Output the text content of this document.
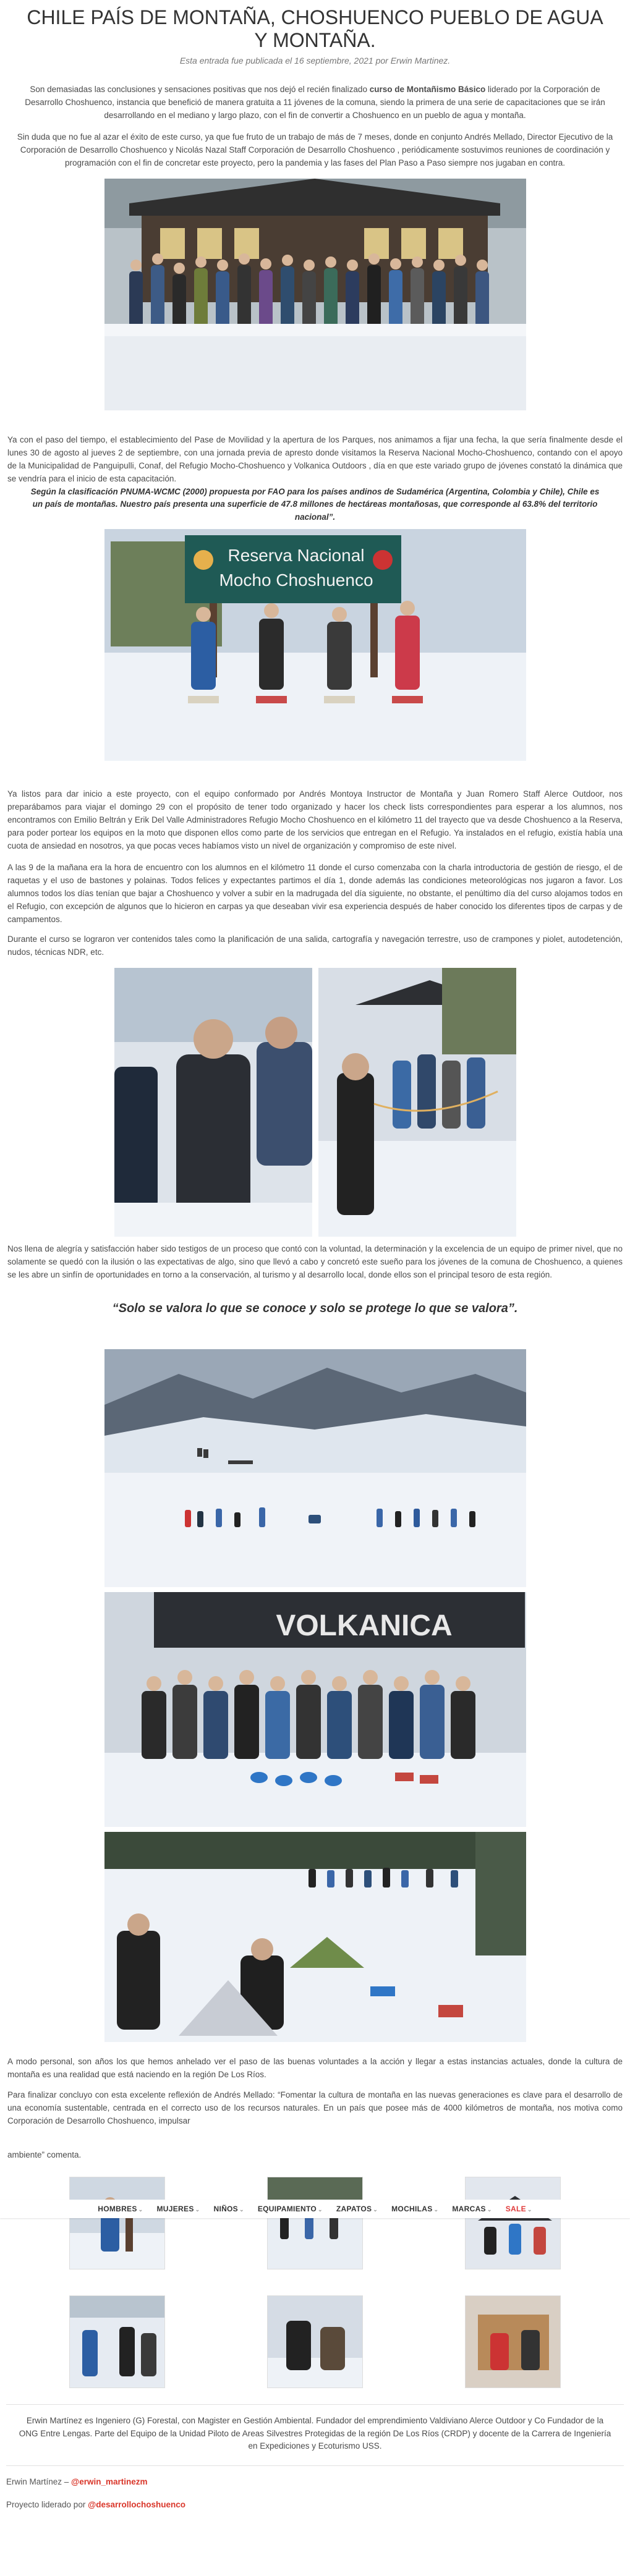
CHILE PAÍS DE MONTAÑA, CHOSHUENCO PUEBLO DE AGUA Y MONTAÑA.
Esta entrada fue publicada el 16 septiembre, 2021 por Erwin Martinez.

Son demasiadas las conclusiones y sensaciones positivas que nos dejó el recién finalizado curso de Montañismo Básico liderado por la Corporación de Desarrollo Choshuenco, instancia que benefició de manera gratuita a 11 jóvenes de la comuna, siendo la primera de una serie de capacitaciones que se irán desarrollando en el mediano y largo plazo, con el fin de convertir a Choshuenco en un pueblo de agua y montaña.

Sin duda que no fue al azar el éxito de este curso, ya que fue fruto de un trabajo de más de 7 meses, donde en conjunto Andrés Mellado, Director Ejecutivo de la Corporación de Desarrollo Choshuenco y Nicolás Nazal Staff Corporación de Desarrollo Choshuenco , periódicamente sostuvimos reuniones de coordinación y programación con el fin de concretar este proyecto, pero la pandemia y las fases del Plan Paso a Paso siempre nos jugaban en contra.

Ya con el paso del tiempo, el establecimiento del Pase de Movilidad y la apertura de los Parques, nos animamos a fijar una fecha, la que sería finalmente desde el lunes 30 de agosto al jueves 2 de septiembre, con una jornada previa de apresto donde visitamos la Reserva Nacional Mocho-Choshuenco, contando con el apoyo de la Municipalidad de Panguipulli, Conaf, del Refugio Mocho-Choshuenco y Volkanica Outdoors , día en que este variado grupo de jóvenes constató la dinámica que se vendría para el inicio de esta capacitación.

Según la clasificación PNUMA-WCMC (2000) propuesta por FAO para los países andinos de Sudamérica (Argentina, Colombia y Chile), Chile es un país de montañas. Nuestro país presenta una superficie de 47.8 millones de hectáreas montañosas, que corresponde al 63.8% del territorio nacional”.

Reserva Nacional
Mocho Choshuenco

Ya listos para dar inicio a este proyecto, con el equipo conformado por Andrés Montoya Instructor de Montaña y Juan Romero Staff Alerce Outdoor, nos preparábamos para viajar el domingo 29 con el propósito de tener todo organizado y hacer los check lists correspondientes para esperar a los alumnos, nos encontramos con Emilio Beltrán y Erik Del Valle Administradores Refugio Mocho Choshuenco en el kilómetro 11 del trayecto que va desde Choshuenco a la Reserva, para poder portear los equipos en la moto que disponen ellos como parte de los servicios que entregan en el Refugio. Ya instalados en el refugio, existía había una cuota de ansiedad en nosotros, ya que pocas veces habíamos visto un nivel de organización y compromiso de este nivel.

A las 9 de la mañana era la hora de encuentro con los alumnos en el kilómetro 11 donde el curso comenzaba con la charla introductoria de gestión de riesgo, el de raquetas y el uso de bastones y polainas. Todos felices y expectantes partimos el día 1, donde además las condiciones meteorológicas nos jugaron a favor. Los alumnos todos los días tenían que bajar a Choshuenco y volver a subir en la madrugada del día siguiente, no obstante, el penúltimo día del curso alojamos todos en el Refugio, con excepción de algunos que lo hicieron en carpas ya que deseaban vivir esa experiencia después de haber conocido los diferentes tipos de carpas y de campamentos.

Durante el curso se lograron ver contenidos tales como la planificación de una salida, cartografía y navegación terrestre, uso de crampones y piolet, autodetención, nudos, técnicas NDR, etc.

Nos llena de alegría y satisfacción haber sido testigos de un proceso que contó con la voluntad, la determinación y la excelencia de un equipo de primer nivel, que no solamente se quedó con la ilusión o las expectativas de algo, sino que llevó a cabo y concretó este sueño para los jóvenes de la comuna de Choshuenco, a quienes se les abre un sinfín de oportunidades en torno a la conservación, al turismo y al desarrollo local, donde ellos son el principal tesoro de esta región.

“Solo se valora lo que se conoce y solo se protege lo que se valora”.

VOLKANICA

A modo personal, son años los que hemos anhelado ver el paso de las buenas voluntades a la acción y llegar a estas instancias actuales, donde la cultura de montaña es una realidad que está naciendo en la región De Los Ríos.

Para finalizar concluyo con esta excelente reflexión de Andrés Mellado: “Fomentar la cultura de montaña en las nuevas generaciones es clave para el desarrollo de una economía sustentable, centrada en el correcto uso de los recursos naturales. En un país que posee más de 4000 kilómetros de montaña, nos motiva como Corporación de Desarrollo Choshuenco, impulsar

ambiente” comenta.

Erwin Martínez es Ingeniero (G) Forestal, con Magister en Gestión Ambiental. Fundador del emprendimiento Valdiviano Alerce Outdoor y Co Fundador de la ONG Entre Lengas. Parte del Equipo de la Unidad Piloto de Areas Silvestres Protegidas de la región De Los Ríos (CRDP) y docente de la Carrera de Ingeniería en Expediciones y Ecoturismo USS.

Erwin Martínez – @erwin_martinezm

Proyecto liderado por @desarrollochoshuenco

HOMBRES ⌄ MUJERES ⌄ NIÑOS ⌄ EQUIPAMIENTO ⌄ ZAPATOS ⌄ MOCHILAS ⌄ MARCAS ⌄ SALE ⌄
